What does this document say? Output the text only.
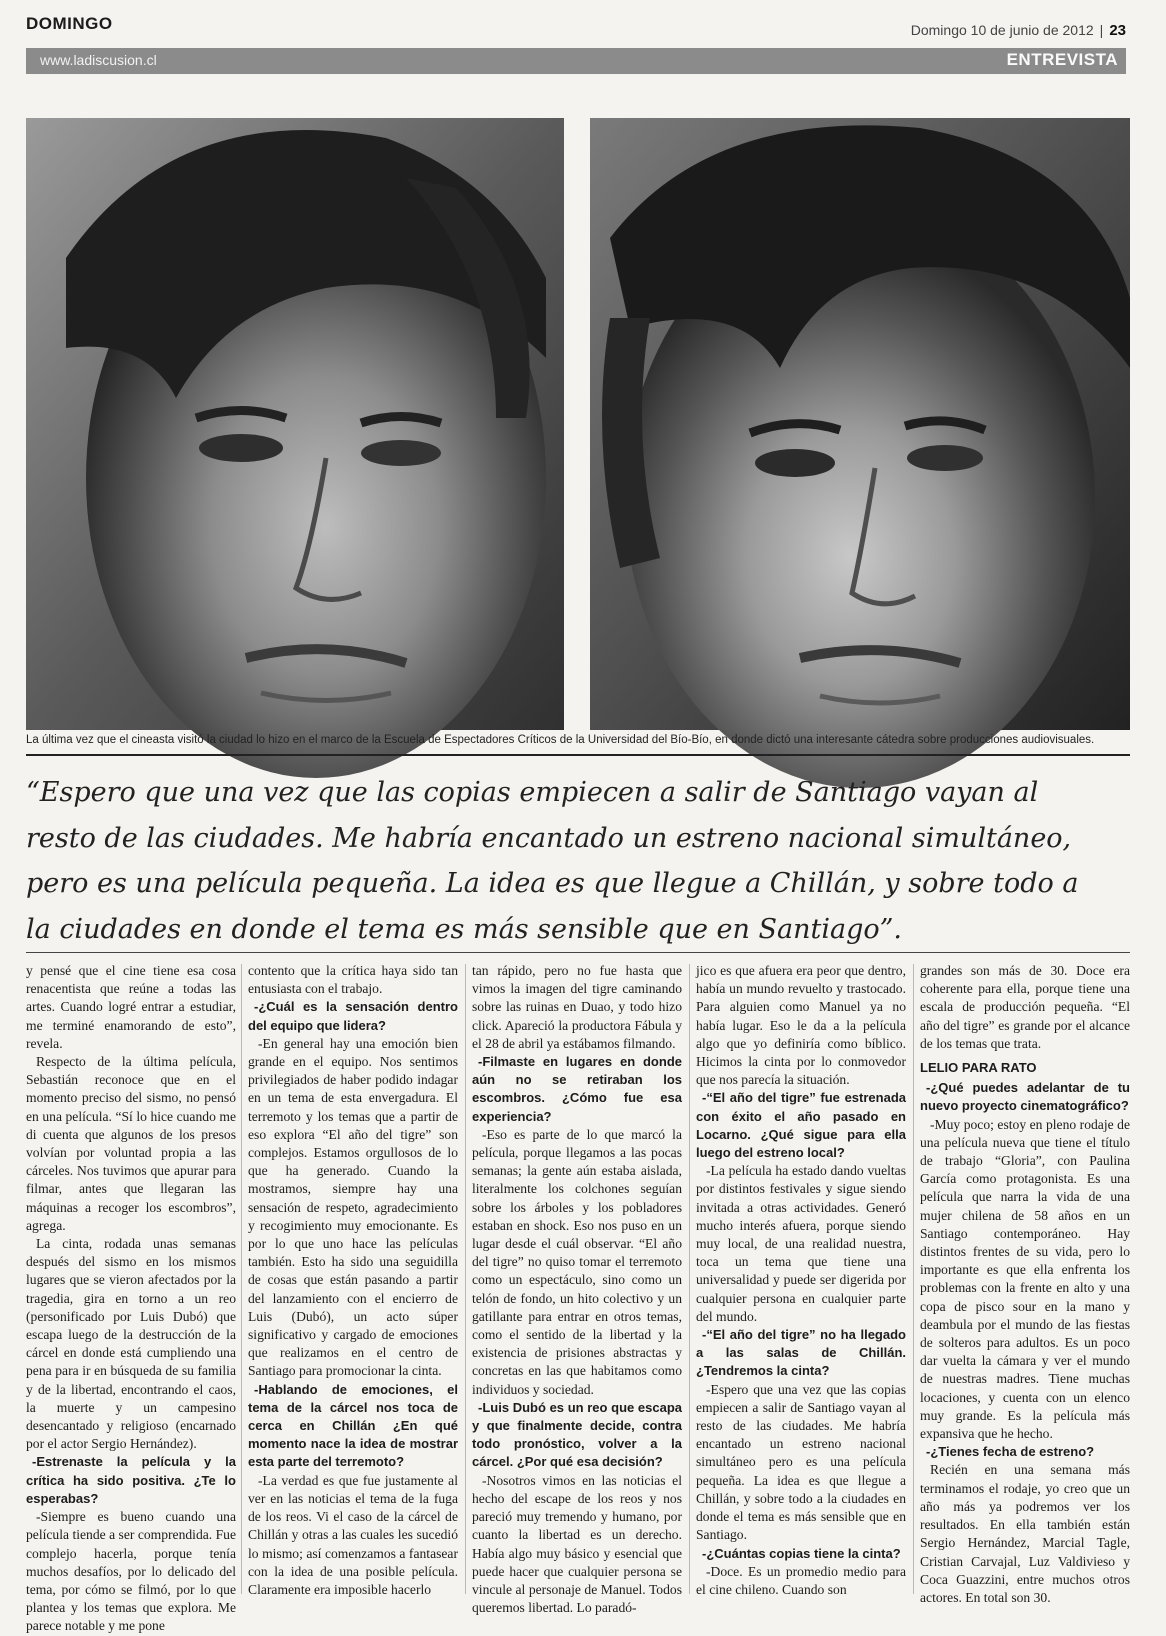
DOMINGO	Domingo 10 de junio de 2012 | 23
www.ladiscusion.cl	ENTREVISTA
La última vez que el cineasta visitó la ciudad lo hizo en el marco de la Escuela de Espectadores Críticos de la Universidad del Bío-Bío, en donde dictó una interesante cátedra sobre producciones audiovisuales.

“Espero que una vez que las copias empiecen a salir de Santiago vayan al resto de las ciudades. Me habría encantado un estreno nacional simultáneo, pero es una película pequeña. La idea es que llegue a Chillán, y sobre todo a la ciudades en donde el tema es más sensible que en Santiago”.

y pensé que el cine tiene esa cosa renacentista que reúne a todas las artes. Cuando logré entrar a estudiar, me terminé enamorando de esto”, revela.

Respecto de la última película, Sebastián reconoce que en el momento preciso del sismo, no pensó en una película. “Sí lo hice cuando me di cuenta que algunos de los presos volvían por voluntad propia a las cárceles. Nos tuvimos que apurar para filmar, antes que llegaran las máquinas a recoger los escombros”, agrega.

La cinta, rodada unas semanas después del sismo en los mismos lugares que se vieron afectados por la tragedia, gira en torno a un reo (personificado por Luis Dubó) que escapa luego de la destrucción de la cárcel en donde está cumpliendo una pena para ir en búsqueda de su familia y de la libertad, encontrando el caos, la muerte y un campesino desencantado y religioso (encarnado por el actor Sergio Hernández).

-Estrenaste la película y la crítica ha sido positiva. ¿Te lo esperabas?

-Siempre es bueno cuando una película tiende a ser comprendida. Fue complejo hacerla, porque tenía muchos desafíos, por lo delicado del tema, por cómo se filmó, por lo que plantea y los temas que explora. Me parece notable y me pone

contento que la crítica haya sido tan entusiasta con el trabajo.

-¿Cuál es la sensación dentro del equipo que lidera?

-En general hay una emoción bien grande en el equipo. Nos sentimos privilegiados de haber podido indagar en un tema de esta envergadura. El terremoto y los temas que a partir de eso explora “El año del tigre” son complejos. Estamos orgullosos de lo que ha generado. Cuando la mostramos, siempre hay una sensación de respeto, agradecimiento y recogimiento muy emocionante. Es por lo que uno hace las películas también. Esto ha sido una seguidilla de cosas que están pasando a partir del lanzamiento con el encierro de Luis (Dubó), un acto súper significativo y cargado de emociones que realizamos en el centro de Santiago para promocionar la cinta.

-Hablando de emociones, el tema de la cárcel nos toca de cerca en Chillán ¿En qué momento nace la idea de mostrar esta parte del terremoto?

-La verdad es que fue justamente al ver en las noticias el tema de la fuga de los reos. Vi el caso de la cárcel de Chillán y otras a las cuales les sucedió lo mismo; así comenzamos a fantasear con la idea de una posible película. Claramente era imposible hacerlo

tan rápido, pero no fue hasta que vimos la imagen del tigre caminando sobre las ruinas en Duao, y todo hizo click. Apareció la productora Fábula y el 28 de abril ya estábamos filmando.

-Filmaste en lugares en donde aún no se retiraban los escombros. ¿Cómo fue esa experiencia?

-Eso es parte de lo que marcó la película, porque llegamos a las pocas semanas; la gente aún estaba aislada, literalmente los colchones seguían sobre los árboles y los pobladores estaban en shock. Eso nos puso en un lugar desde el cuál observar. “El año del tigre” no quiso tomar el terremoto como un espectáculo, sino como un telón de fondo, un hito colectivo y un gatillante para entrar en otros temas, como el sentido de la libertad y la existencia de prisiones abstractas y concretas en las que habitamos como individuos y sociedad.

-Luis Dubó es un reo que escapa y que finalmente decide, contra todo pronóstico, volver a la cárcel. ¿Por qué esa decisión?

-Nosotros vimos en las noticias el hecho del escape de los reos y nos pareció muy tremendo y humano, por cuanto la libertad es un derecho. Había algo muy básico y esencial que puede hacer que cualquier persona se vincule al personaje de Manuel. Todos queremos libertad. Lo paradó-

jico es que afuera era peor que dentro, había un mundo revuelto y trastocado. Para alguien como Manuel ya no había lugar. Eso le da a la película algo que yo definiría como bíblico. Hicimos la cinta por lo conmovedor que nos parecía la situación.

-“El año del tigre” fue estrenada con éxito el año pasado en Locarno. ¿Qué sigue para ella luego del estreno local?

-La película ha estado dando vueltas por distintos festivales y sigue siendo invitada a otras actividades. Generó mucho interés afuera, porque siendo muy local, de una realidad nuestra, toca un tema que tiene una universalidad y puede ser digerida por cualquier persona en cualquier parte del mundo.

-“El año del tigre” no ha llegado a las salas de Chillán. ¿Tendremos la cinta?

-Espero que una vez que las copias empiecen a salir de Santiago vayan al resto de las ciudades. Me habría encantado un estreno nacional simultáneo pero es una película pequeña. La idea es que llegue a Chillán, y sobre todo a la ciudades en donde el tema es más sensible que en Santiago.

-¿Cuántas copias tiene la cinta?

-Doce. Es un promedio medio para el cine chileno. Cuando son

grandes son más de 30. Doce era coherente para ella, porque tiene una escala de producción pequeña. “El año del tigre” es grande por el alcance de los temas que trata.

LELIO PARA RATO

-¿Qué puedes adelantar de tu nuevo proyecto cinematográfico?

-Muy poco; estoy en pleno rodaje de una película nueva que tiene el título de trabajo “Gloria”, con Paulina García como protagonista. Es una película que narra la vida de una mujer chilena de 58 años en un Santiago contemporáneo. Hay distintos frentes de su vida, pero lo importante es que ella enfrenta los problemas con la frente en alto y una copa de pisco sour en la mano y deambula por el mundo de las fiestas de solteros para adultos. Es un poco dar vuelta la cámara y ver el mundo de nuestras madres. Tiene muchas locaciones, y cuenta con un elenco muy grande. Es la película más expansiva que he hecho.

-¿Tienes fecha de estreno?

Recién en una semana más terminamos el rodaje, yo creo que un año más ya podremos ver los resultados. En ella también están Sergio Hernández, Marcial Tagle, Cristian Carvajal, Luz Valdivieso y Coca Guazzini, entre muchos otros actores. En total son 30.
